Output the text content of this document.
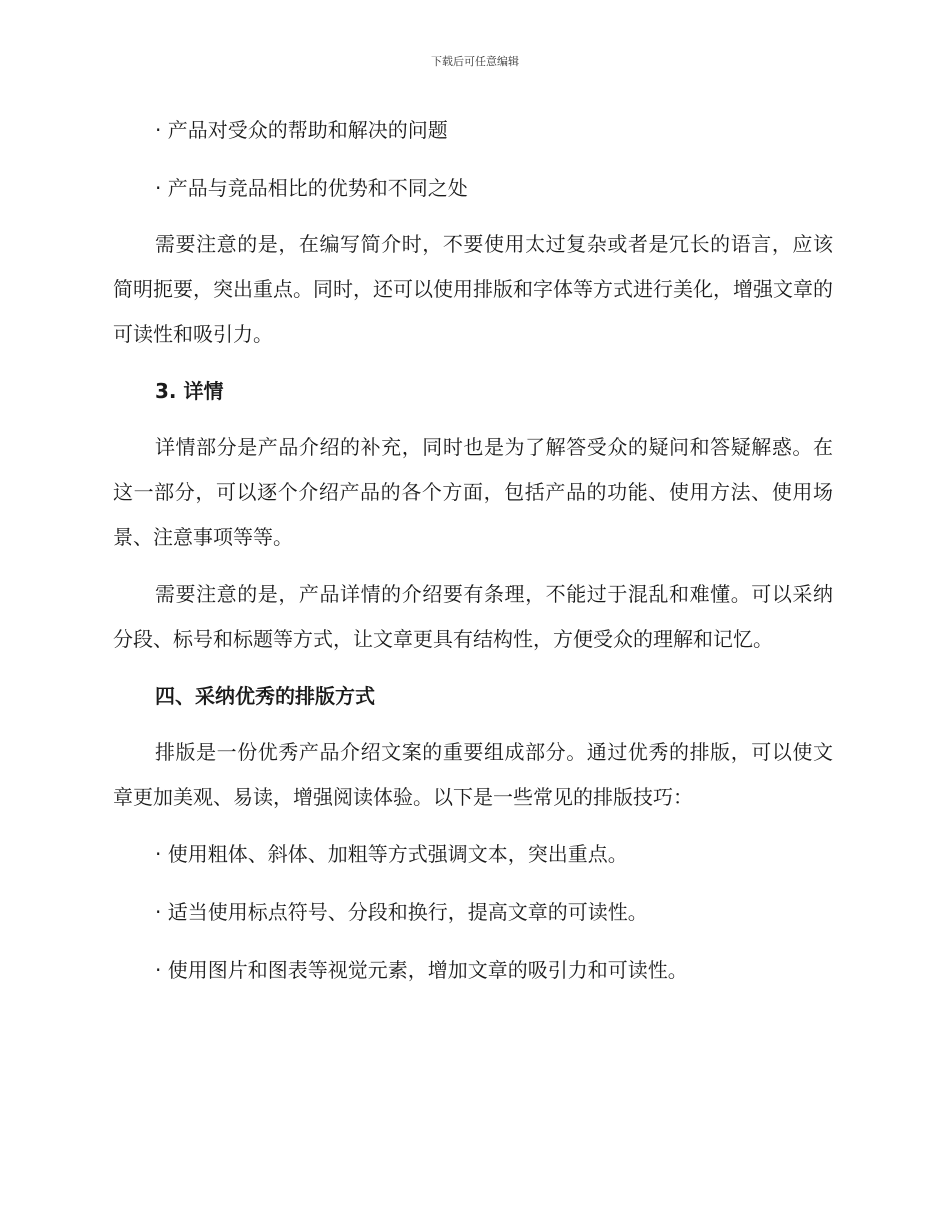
下载后可任意编辑

· 产品对受众的帮助和解决的问题

· 产品与竞品相比的优势和不同之处

需要注意的是，在编写简介时，不要使用太过复杂或者是冗长的语言，应该简明扼要，突出重点。同时，还可以使用排版和字体等方式进行美化，增强文章的可读性和吸引力。

3. 详情

详情部分是产品介绍的补充，同时也是为了解答受众的疑问和答疑解惑。在这一部分，可以逐个介绍产品的各个方面，包括产品的功能、使用方法、使用场景、注意事项等等。

需要注意的是，产品详情的介绍要有条理，不能过于混乱和难懂。可以采纳分段、标号和标题等方式，让文章更具有结构性，方便受众的理解和记忆。

四、采纳优秀的排版方式

排版是一份优秀产品介绍文案的重要组成部分。通过优秀的排版，可以使文章更加美观、易读，增强阅读体验。以下是一些常见的排版技巧：

· 使用粗体、斜体、加粗等方式强调文本，突出重点。

· 适当使用标点符号、分段和换行，提高文章的可读性。

· 使用图片和图表等视觉元素，增加文章的吸引力和可读性。
